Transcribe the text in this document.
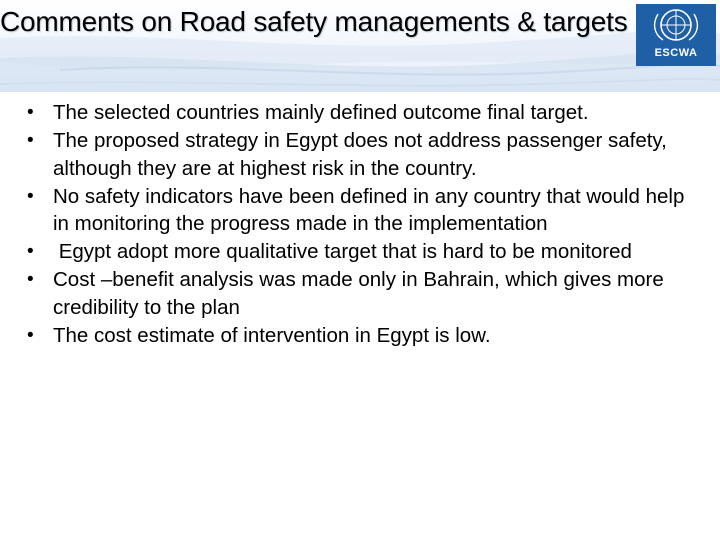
Comments on Road safety managements & targets
ESCWA
• The selected countries mainly defined outcome final target.
• The proposed strategy in Egypt does not address passenger safety, although they are at highest risk in the country.
• No safety indicators have been defined in any country that would help in monitoring the progress made in the implementation
• Egypt adopt more qualitative target that is hard to be monitored
• Cost –benefit analysis was made only in Bahrain, which gives more credibility to the plan
• The cost estimate of intervention in Egypt is low.
